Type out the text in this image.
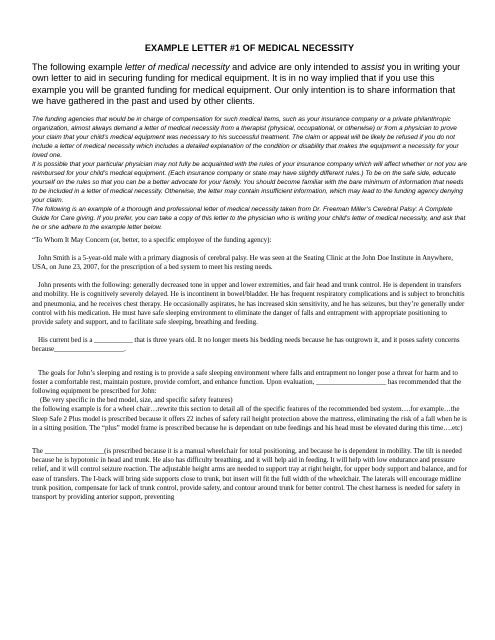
EXAMPLE LETTER #1 OF MEDICAL NECESSITY

The following example letter of medical necessity and advice are only intended to assist you in writing your own letter to aid in securing funding for medical equipment. It is in no way implied that if you use this example you will be granted funding for medical equipment. Our only intention is to share information that we have gathered in the past and used by other clients.

The funding agencies that would be in charge of compensation for such medical items, such as your insurance company or a private philanthropic organization, almost always demand a letter of medical necessity from a therapist (physical, occupational, or otherwise) or from a physician to prove your claim that your child’s medical equipment was necessary to his successful treatment. The claim or appeal will be likely be refused if you do not include a letter of medical necessity which includes a detailed explanation of the condition or disability that makes the equipment a necessity for your loved one.

It is possible that your particular physician may not fully be acquainted with the rules of your insurance company which will affect whether or not you are reimbursed for your child’s medical equipment. (Each insurance company or state may have slightly different rules.) To be on the safe side, educate yourself on the rules so that you can be a better advocate for your family. You should become familiar with the bare minimum of information that needs to be included in a letter of medical necessity. Otherwise, the letter may contain insufficient information, which may lead to the funding agency denying your claim.

The following is an example of a thorough and professional letter of medical necessity taken from Dr. Freeman Miller’s Cerebral Palsy: A Complete Guide for Care giving. If you prefer, you can take a copy of this letter to the physician who is writing your child’s letter of medical necessity, and ask that he or she adhere to the example letter below.

“To Whom It May Concern (or, better, to a specific employee of the funding agency):

John Smith is a 5-year-old male with a primary diagnosis of cerebral palsy. He was seen at the Seating Clinic at the John Doe Institute in Anywhere, USA, on June 23, 2007, for the prescription of a bed system to meet his resting needs.

John presents with the following: generally decreased tone in upper and lower extremities, and fair head and trunk control. He is dependent in transfers and mobility. He is cognitively severely delayed. He is incontinent in bowel/bladder. He has frequent respiratory complications and is subject to bronchitis and pneumonia, and he receives chest therapy. He occasionally aspirates, he has increased skin sensitivity, and he has seizures, but they’re generally under control with his medication. He must have safe sleeping environment to eliminate the danger of falls and entrapment with appropriate positioning to provide safety and support, and to facilitate safe sleeping, breathing and feeding.

His current bed is a ___________ that is three years old. It no longer meets his bedding needs because he has outgrown it, and it poses safety concerns because____________________.

The goals for John’s sleeping and resting is to provide a safe sleeping environment where falls and entrapment no longer pose a threat for harm and to foster a comfortable rest, maintain posture, provide comfort, and enhance function. Upon evaluation, ____________________ has recommended that the following equipment be prescribed for John:

(Be very specific in the bed model, size, and specific safety features)

the following example is for a wheel chair…rewrite this section to detail all of the specific features of the recommended bed system….for example…the Sleep Safe 2 Plus model is prescribed because it offers 22 inches of safety rail height protection above the mattress, eliminating the risk of a fall when he is in a sitting position. The “plus” model frame is prescribed because he is dependant on tube feedings and his head must be elevated during this time….etc)

The _________________(is prescribed because it is a manual wheelchair for total positioning, and because he is dependent in mobility. The tilt is needed because he is hypotonic in head and trunk. He also has difficulty breathing, and it will help aid in feeding. It will help with low endurance and pressure relief, and it will control seizure reaction. The adjustable height arms are needed to support tray at right height, for upper body support and balance, and for ease of transfers. The I-back will bring side supports close to trunk, but insert will fit the full width of the wheelchair. The laterals will encourage midline trunk position, compensate for lack of trunk control, provide safety, and contour around trunk for better control. The chest harness is needed for safety in transport by providing anterior support, preventing
